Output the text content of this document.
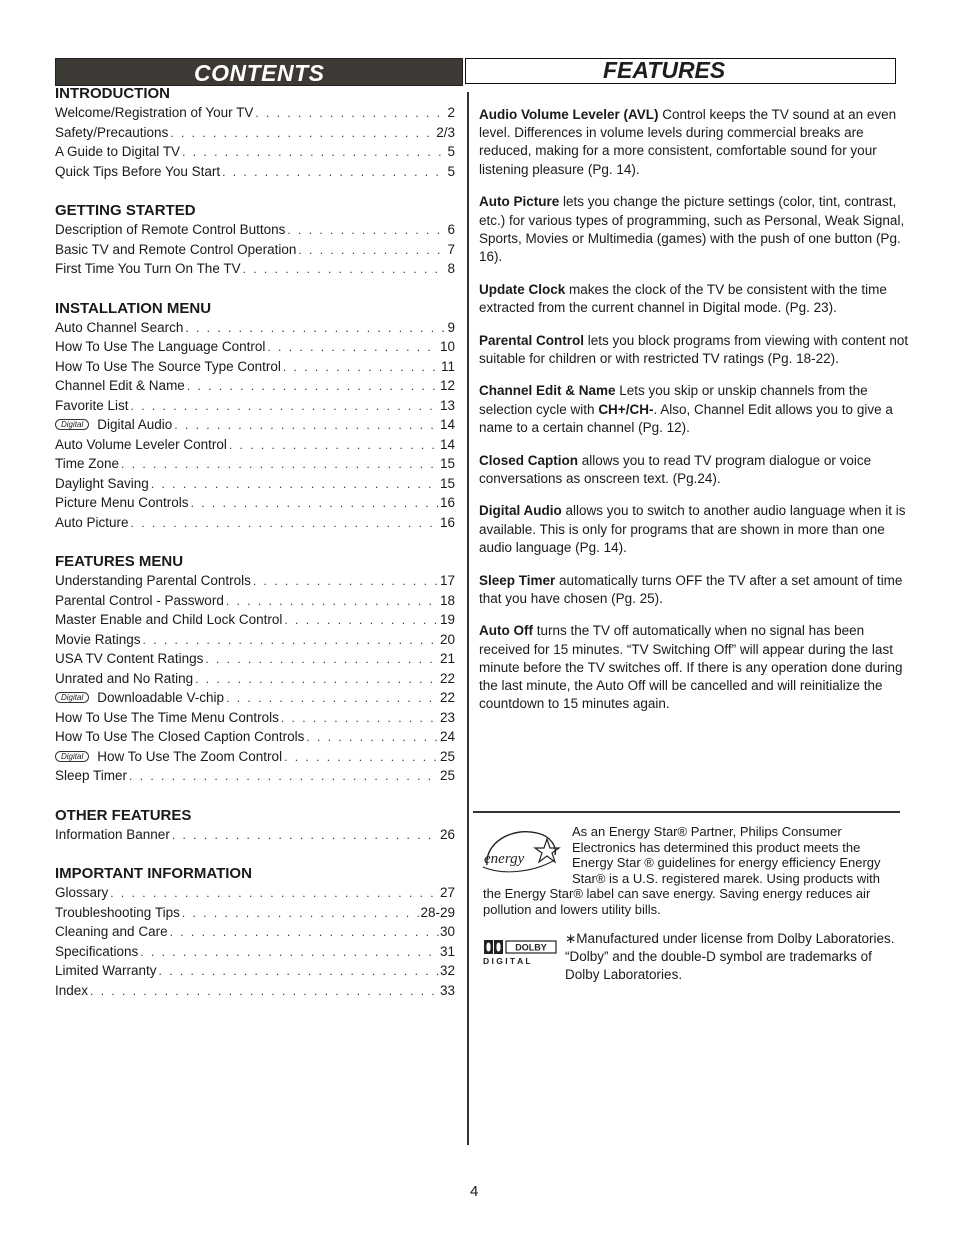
CONTENTS	FEATURES
INTRODUCTION
Welcome/Registration of Your TV . . .	2
Safety/Precautions . . .	2/3
A Guide to Digital TV . . .	5
Quick Tips Before You Start . . .	5
GETTING STARTED
Description of Remote Control Buttons . . .	6
Basic TV and Remote Control Operation . . .	7
First Time You Turn On The TV . . .	8
INSTALLATION MENU
Auto Channel Search . . .	9
How To Use The Language Control . . .	10
How To Use The Source Type Control . . .	11
Channel Edit & Name . . .	12
Favorite List . . .	13
Digital	Digital Audio . . .	14
Auto Volume Leveler Control . . .	14
Time Zone . . .	15
Daylight Saving . . .	15
Picture Menu Controls . . .	16
Auto Picture . . .	16
FEATURES MENU
Understanding Parental Controls . . .	17
Parental Control - Password . . .	18
Master Enable and Child Lock Control . . .	19
Movie Ratings . . .	20
USA TV Content Ratings . . .	21
Unrated and No Rating . . .	22
Digital	Downloadable V-chip . . .	22
How To Use The Time Menu Controls . . .	23
How To Use The Closed Caption Controls . . .	24
Digital	How To Use The Zoom Control . . .	25
Sleep Timer . . .	25
OTHER FEATURES
Information Banner . . .	26
IMPORTANT INFORMATION
Glossary . . .	27
Troubleshooting Tips . . .	28-29
Cleaning and Care . . .	30
Specifications . . .	31
Limited Warranty . . .	32
Index . . .	33

Audio Volume Leveler (AVL) Control keeps the TV sound at an even level. Differences in volume levels during commercial breaks are reduced, making for a more consistent, comfortable sound for your listening pleasure (Pg. 14).

Auto Picture lets you change the picture settings (color, tint, contrast, etc.) for various types of programming, such as Personal, Weak Signal, Sports, Movies or Multimedia (games) with the push of one button (Pg. 16).

Update Clock makes the clock of the TV be consistent with the time extracted from the current channel in Digital mode. (Pg. 23).

Parental Control lets you block programs from viewing with content not suitable for children or with restricted TV ratings (Pg. 18-22).

Channel Edit & Name Lets you skip or unskip channels from the selection cycle with CH+/CH-. Also, Channel Edit allows you to give a name to a certain channel (Pg. 12).

Closed Caption allows you to read TV program dialogue or voice conversations as onscreen text. (Pg.24).

Digital Audio allows you to switch to another audio language when it is available. This is only for programs that are shown in more than one audio language (Pg. 14).

Sleep Timer automatically turns OFF the TV after a set amount of time that you have chosen (Pg. 25).

Auto Off turns the TV off automatically when no signal has been received for 15 minutes. “TV Switching Off” will appear during the last minute before the TV switches off. If there is any operation done during the last minute, the Auto Off will be cancelled and will reinitialize the countdown to 15 minutes again.

energy
As an Energy Star® Partner, Philips Consumer Electronics has determined this product meets the Energy Star ® guidelines for energy efficiency Energy Star® is a U.S. registered marek. Using products with the Energy Star® label can save energy. Saving energy reduces air pollution and lowers utility bills.
DOLBY
D I G I T A L
∗Manufactured under license from Dolby Laboratories. “Dolby” and the double-D symbol are trademarks of Dolby Laboratories.
4
